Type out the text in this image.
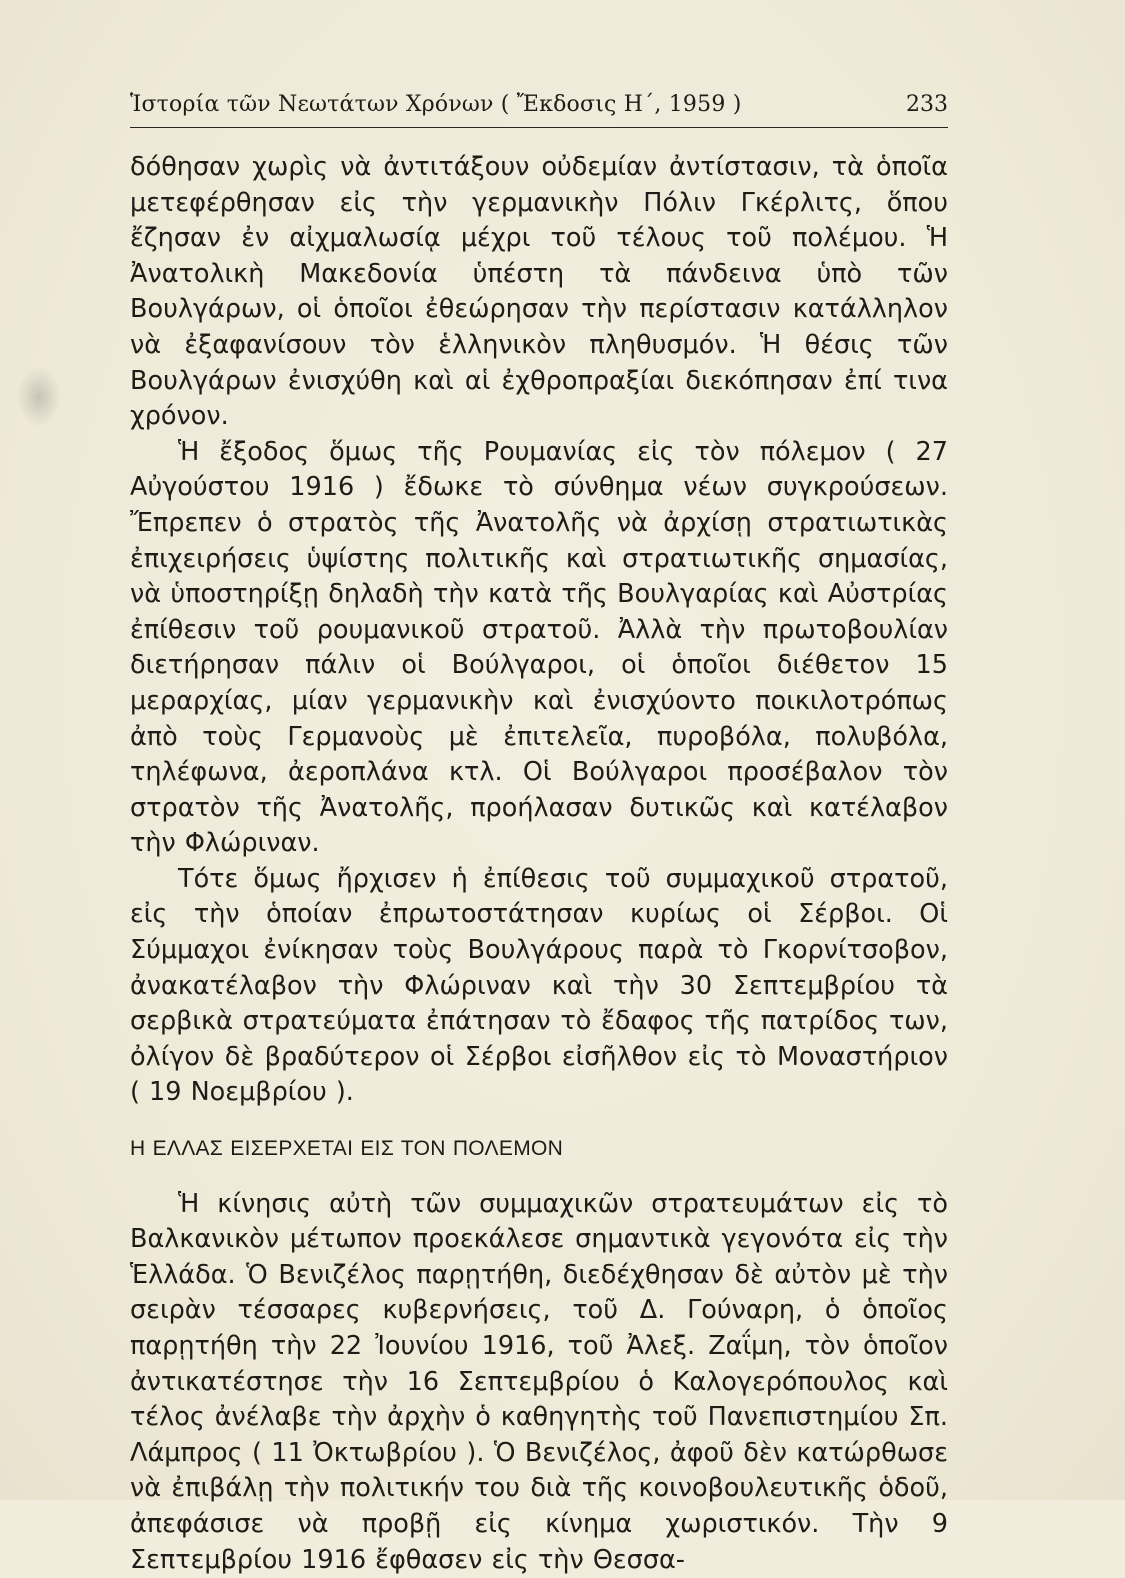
Ἱστορία τῶν Νεωτάτων Χρόνων ( Ἔκδοσις Η΄, 1959 )	233

δόθησαν χωρὶς νὰ ἀντιτάξουν οὐδεμίαν ἀντίστασιν, τὰ ὁποῖα μετεφέρθησαν εἰς τὴν γερμανικὴν Πόλιν Γκέρλιτς, ὅπου ἔζησαν ἐν αἰχμαλωσίᾳ μέχρι τοῦ τέλους τοῦ πολέμου. Ἡ Ἀνατολικὴ Μακεδονία ὑπέστη τὰ πάνδεινα ὑπὸ τῶν Βουλγάρων, οἱ ὁποῖοι ἐθεώρησαν τὴν περίστασιν κατάλληλον νὰ ἐξαφανίσουν τὸν ἑλληνικὸν πληθυσμόν. Ἡ θέσις τῶν Βουλγάρων ἐνισχύθη καὶ αἱ ἐχθροπραξίαι διεκόπησαν ἐπί τινα χρόνον.

Ἡ ἔξοδος ὅμως τῆς Ρουμανίας εἰς τὸν πόλεμον ( 27 Αὐγούστου 1916 ) ἔδωκε τὸ σύνθημα νέων συγκρούσεων. Ἔπρεπεν ὁ στρατὸς τῆς Ἀνατολῆς νὰ ἀρχίσῃ στρατιωτικὰς ἐπιχειρήσεις ὑψίστης πολιτικῆς καὶ στρατιωτικῆς σημασίας, νὰ ὑποστηρίξῃ δηλαδὴ τὴν κατὰ τῆς Βουλγαρίας καὶ Αὐστρίας ἐπίθεσιν τοῦ ρουμανικοῦ στρατοῦ. Ἀλλὰ τὴν πρωτοβουλίαν διετήρησαν πάλιν οἱ Βούλγαροι, οἱ ὁποῖοι διέθετον 15 μεραρχίας, μίαν γερμανικὴν καὶ ἐνισχύοντο ποικιλοτρόπως ἀπὸ τοὺς Γερμανοὺς μὲ ἐπιτελεῖα, πυροβόλα, πολυβόλα, τηλέφωνα, ἀεροπλάνα κτλ. Οἱ Βούλγαροι προσέβαλον τὸν στρατὸν τῆς Ἀνατολῆς, προήλασαν δυτικῶς καὶ κατέλαβον τὴν Φλώριναν.

Τότε ὅμως ἤρχισεν ἡ ἐπίθεσις τοῦ συμμαχικοῦ στρατοῦ, εἰς τὴν ὁποίαν ἐπρωτοστάτησαν κυρίως οἱ Σέρβοι. Οἱ Σύμμαχοι ἐνίκησαν τοὺς Βουλγάρους παρὰ τὸ Γκορνίτσοβον, ἀνακατέλαβον τὴν Φλώριναν καὶ τὴν 30 Σεπτεμβρίου τὰ σερβικὰ στρατεύματα ἐπάτησαν τὸ ἔδαφος τῆς πατρίδος των, ὀλίγον δὲ βραδύτερον οἱ Σέρβοι εἰσῆλθον εἰς τὸ Μοναστήριον ( 19 Νοεμβρίου ).

Η ΕΛΛΑΣ ΕΙΣΕΡΧΕΤΑΙ ΕΙΣ ΤΟΝ ΠΟΛΕΜΟΝ

Ἡ κίνησις αὐτὴ τῶν συμμαχικῶν στρατευμάτων εἰς τὸ Βαλκανικὸν μέτωπον προεκάλεσε σημαντικὰ γεγονότα εἰς τὴν Ἑλλάδα. Ὁ Βενιζέλος παρῃτήθη, διεδέχθησαν δὲ αὐτὸν μὲ τὴν σειρὰν τέσσαρες κυβερνήσεις, τοῦ Δ. Γούναρη, ὁ ὁποῖος παρῃτήθη τὴν 22 Ἰουνίου 1916, τοῦ Ἀλεξ. Ζαΐμη, τὸν ὁποῖον ἀντικατέστησε τὴν 16 Σεπτεμβρίου ὁ Καλογερόπουλος καὶ τέλος ἀνέλαβε τὴν ἀρχὴν ὁ καθηγητὴς τοῦ Πανεπιστημίου Σπ. Λάμπρος ( 11 Ὀκτωβρίου ). Ὁ Βενιζέλος, ἀφοῦ δὲν κατώρθωσε νὰ ἐπιβάλῃ τὴν πολιτικήν του διὰ τῆς κοινοβουλευτικῆς ὁδοῦ, ἀπεφάσισε νὰ προβῇ εἰς κίνημα χωριστικόν. Τὴν 9 Σεπτεμβρίου 1916 ἔφθασεν εἰς τὴν Θεσσα-
